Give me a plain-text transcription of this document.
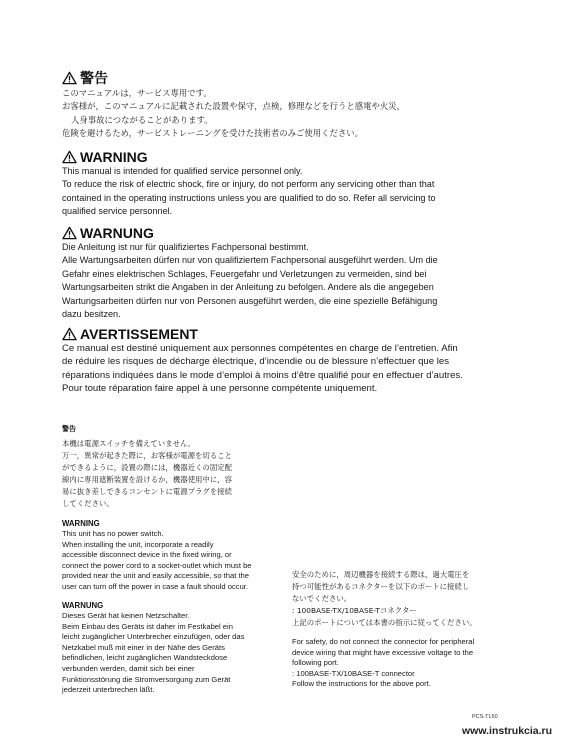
警告
このマニュアルは，サービス専用です。
お客様が，このマニュアルに記載された設置や保守，点検，修理などを行うと感電や火災，
人身事故につながることがあります。
危険を避けるため，サービストレーニングを受けた技術者のみご使用ください。
WARNING
This manual is intended for qualified service personnel only.
To reduce the risk of electric shock, fire or injury, do not perform any servicing other than that
contained in the operating instructions unless you are qualified to do so. Refer all servicing to
qualified service personnel.
WARNUNG
Die Anleitung ist nur für qualifiziertes Fachpersonal bestimmt.
Alle Wartungsarbeiten dürfen nur von qualifiziertem Fachpersonal ausgeführt werden. Um die
Gefahr eines elektrischen Schlages, Feuergefahr und Verletzungen zu vermeiden, sind bei
Wartungsarbeiten strikt die Angaben in der Anleitung zu befolgen. Andere als die angegeben
Wartungsarbeiten dürfen nur von Personen ausgeführt werden, die eine spezielle Befähigung
dazu besitzen.
AVERTISSEMENT
Ce manual est destiné uniquement aux personnes compétentes en charge de l’entretien. Afin
de réduire les risques de décharge électrique, d’incendie ou de blessure n’effectuer que les
réparations indiquées dans le mode d’emploi à moins d’être qualifié pour en effectuer d’autres.
Pour toute réparation faire appel à une personne compétente uniquement.
警告
本機は電源スイッチを備えていません。
万一，異常が起きた際に，お客様が電源を切ること
ができるように，設置の際には，機器近くの固定配
線内に専用遮断装置を設けるか，機器使用中に，容
易に抜き差しできるコンセントに電源プラグを接続
してください。
WARNING
This unit has no power switch.
When installing the unit, incorporate a readily
accessible disconnect device in the fixed wiring, or
connect the power cord to a socket-outlet which must be
provided near the unit and easily accessible, so that the
user can turn off the power in case a fault should occur.
WARNUNG
Dieses Gerät hat keinen Netzschalter.
Beim Einbau des Geräts ist daher im Festkabel ein
leicht zugänglicher Unterbrecher einzufügen, oder das
Netzkabel muß mit einer in der Nähe des Geräts
befindlichen, leicht zugänglichen Wandsteckdose
verbunden werden, damit sich bei einer
Funktionsstörung die Stromversorgung zum Gerät
jederzeit unterbrechen läßt.
安全のために，周辺機器を接続する際は，過大電圧を
持つ可能性があるコネクターを以下のポートに接続し
ないでください。
: 100BASE-TX/10BASE-Tコネクター
上記のポートについては本書の指示に従ってください。
For safety, do not connect the connector for peripheral
device wiring that might have excessive voltage to the
following port.
: 100BASE-TX/10BASE-T connector
Follow the instructions for the above port.
PCS-TL50
www.instrukcia.ru
